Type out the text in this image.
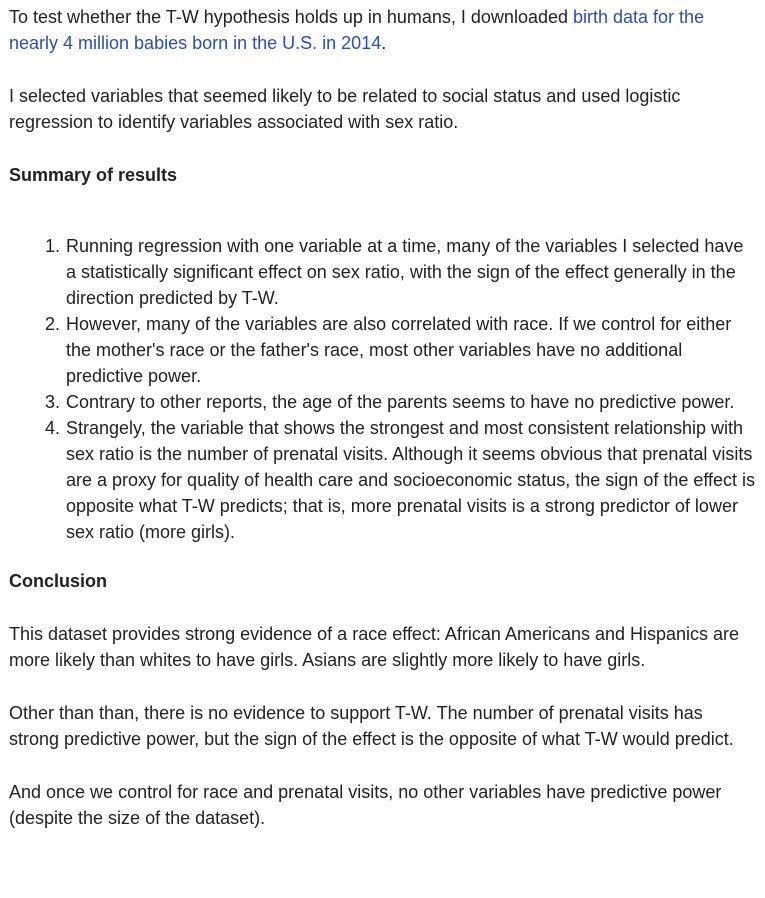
To test whether the T-W hypothesis holds up in humans, I downloaded birth data for the nearly 4 million babies born in the U.S. in 2014.

I selected variables that seemed likely to be related to social status and used logistic regression to identify variables associated with sex ratio.

Summary of results
1. Running regression with one variable at a time, many of the variables I selected have a statistically significant effect on sex ratio, with the sign of the effect generally in the direction predicted by T-W.
2. However, many of the variables are also correlated with race. If we control for either the mother's race or the father's race, most other variables have no additional predictive power.
3. Contrary to other reports, the age of the parents seems to have no predictive power.
4. Strangely, the variable that shows the strongest and most consistent relationship with sex ratio is the number of prenatal visits. Although it seems obvious that prenatal visits are a proxy for quality of health care and socioeconomic status, the sign of the effect is opposite what T-W predicts; that is, more prenatal visits is a strong predictor of lower sex ratio (more girls).
Conclusion

This dataset provides strong evidence of a race effect: African Americans and Hispanics are more likely than whites to have girls. Asians are slightly more likely to have girls.

Other than than, there is no evidence to support T-W. The number of prenatal visits has strong predictive power, but the sign of the effect is the opposite of what T-W would predict.

And once we control for race and prenatal visits, no other variables have predictive power (despite the size of the dataset).
